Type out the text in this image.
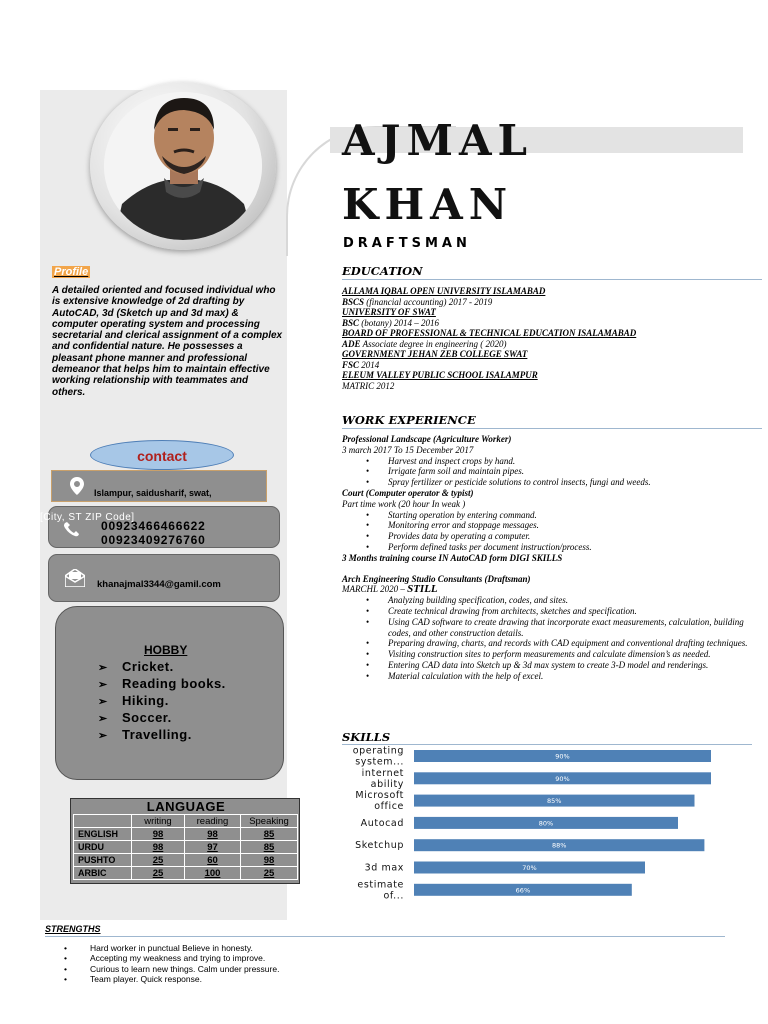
AJMAL
KHAN
DRAFTSMAN
Profile
A detailed oriented and focused individual who is extensive knowledge of 2d drafting by AutoCAD, 3d (Sketch up and 3d max) & computer operating system and processing secretarial and clerical assignment of a complex and confidential nature. He possesses a pleasant phone manner and professional demeanor that helps him to maintain effective working relationship with teammates and others.
contact
Islampur, saidusharif, swat,
00923466466622
00923409276760
[City, ST ZIP Code]
khanajmal3344@gamil.com
HOBBY
➢ Cricket.
➢ Reading books.
➢ Hiking.
➢ Soccer.
➢ Travelling.
LANGUAGE
	writing	reading	Speaking
ENGLISH	98	98	85
URDU	98	97	85
PUSHTO	25	60	98
ARBIC	25	100	25
EDUCATION
ALLAMA IQBAL OPEN UNIVERSITY ISLAMABAD
BSCS (financial accounting) 2017 - 2019
UNIVERSITY OF SWAT
BSC (botany) 2014 – 2016
BOARD OF PROFESSIONAL & TECHNICAL EDUCATION ISALAMABAD
ADE Associate degree in engineering ( 2020)
GOVERNMENT JEHAN ZEB COLLEGE SWAT
FSC 2014
ELEUM VALLEY PUBLIC SCHOOL ISALAMPUR
MATRIC 2012
WORK EXPERIENCE
Professional Landscape (Agriculture Worker)
3 march 2017 To 15 December 2017
• Harvest and inspect crops by hand.
• Irrigate farm soil and maintain pipes.
• Spray fertilizer or pesticide solutions to control insects, fungi and weeds.
Court (Computer operator & typist)
Part time work (20 hour In weak )
• Starting operation by entering command.
• Monitoring error and stoppage messages.
• Provides data by operating a computer.
• Perform defined tasks per document instruction/process.
3 Months training course IN AutoCAD form DIGI SKILLS
Arch Engineering Studio Consultants (Draftsman)
MARCHL 2020 – STILL
• Analyzing building specification, codes, and sites.
• Create technical drawing from architects, sketches and specification.
• Using CAD software to create drawing that incorporate exact measurements, calculation, building codes, and other construction details.
• Preparing drawing, charts, and records with CAD equipment and conventional drafting techniques.
• Visiting construction sites to perform measurements and calculate dimension’s as needed.
• Entering CAD data into Sketch up & 3d max system to create 3-D model and renderings.
• Material calculation with the help of excel.
SKILLS
operating system...	90%
internet ability	90%
Microsoft office	85%
Autocad	80%
Sketchup	88%
3d max	70%
estimate of...	66%
STRENGTHS
• Hard worker in punctual Believe in honesty.
• Accepting my weakness and trying to improve.
• Curious to learn new things. Calm under pressure.
• Team player. Quick response.
